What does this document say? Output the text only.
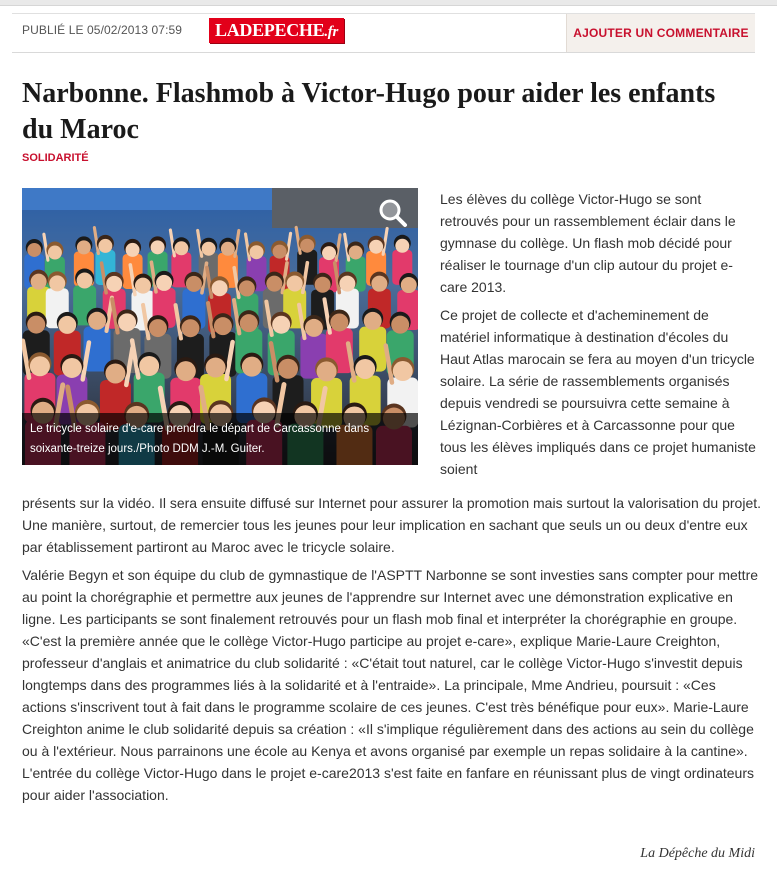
PUBLIÉ LE 05/02/2013 07:59	LADEPECHE.fr	AJOUTER UN COMMENTAIRE
Narbonne. Flashmob à Victor-Hugo pour aider les enfants du Maroc
SOLIDARITÉ
Le tricycle solaire d'e-care prendra le départ de Carcassonne dans soixante-treize jours./Photo DDM J.-M. Guiter.

Les élèves du collège Victor-Hugo se sont retrouvés pour un rassemblement éclair dans le gymnase du collège. Un flash mob décidé pour réaliser le tournage d'un clip autour du projet e-care 2013.

Ce projet de collecte et d'acheminement de matériel informatique à destination d'écoles du Haut Atlas marocain se fera au moyen d'un tricycle solaire. La série de rassemblements organisés depuis vendredi se poursuivra cette semaine à Lézignan-Corbières et à Carcassonne pour que tous les élèves impliqués dans ce projet humaniste soient

présents sur la vidéo. Il sera ensuite diffusé sur Internet pour assurer la promotion mais surtout la valorisation du projet. Une manière, surtout, de remercier tous les jeunes pour leur implication en sachant que seuls un ou deux d'entre eux par établissement partiront au Maroc avec le tricycle solaire.

Valérie Begyn et son équipe du club de gymnastique de l'ASPTT Narbonne se sont investies sans compter pour mettre au point la chorégraphie et permettre aux jeunes de l'apprendre sur Internet avec une démonstration explicative en ligne. Les participants se sont finalement retrouvés pour un flash mob final et interpréter la chorégraphie en groupe. «C'est la première année que le collège Victor-Hugo participe au projet e-care», explique Marie-Laure Creighton, professeur d'anglais et animatrice du club solidarité : «C'était tout naturel, car le collège Victor-Hugo s'investit depuis longtemps dans des programmes liés à la solidarité et à l'entraide». La principale, Mme Andrieu, poursuit : «Ces actions s'inscrivent tout à fait dans le programme scolaire de ces jeunes. C'est très bénéfique pour eux». Marie-Laure Creighton anime le club solidarité depuis sa création : «Il s'implique régulièrement dans des actions au sein du collège ou à l'extérieur. Nous parrainons une école au Kenya et avons organisé par exemple un repas solidaire à la cantine». L'entrée du collège Victor-Hugo dans le projet e-care2013 s'est faite en fanfare en réunissant plus de vingt ordinateurs pour aider l'association.

La Dépêche du Midi
